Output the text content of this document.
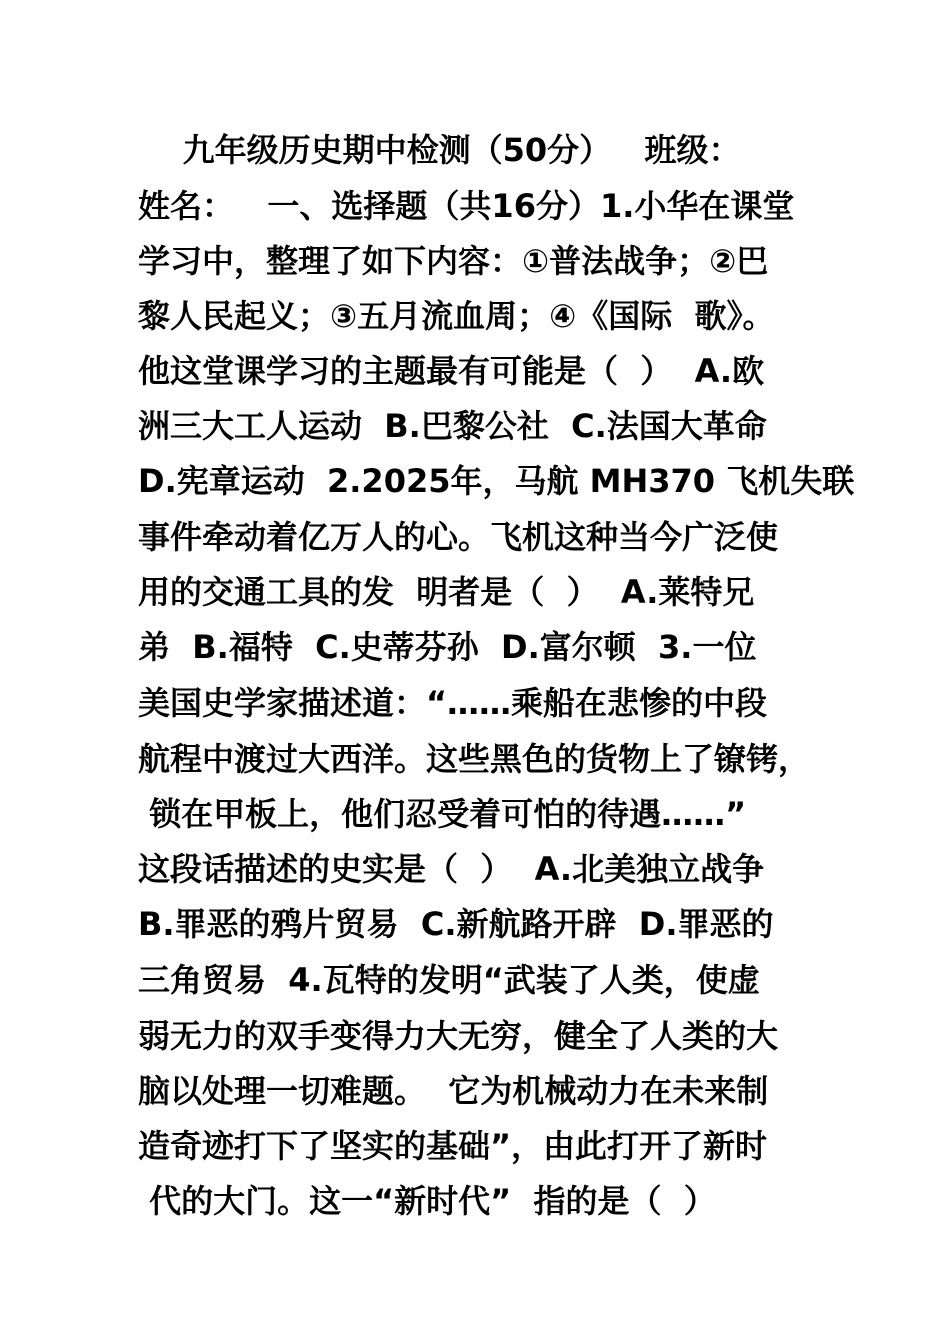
九年级历史期中检测（50分）   班级：
姓名：   一、选择题（共16分）1.小华在课堂
学习中，整理了如下内容：①普法战争；②巴
黎人民起义；③五月流血周；④《国际  歌》。
他这堂课学习的主题最有可能是（  ）  A.欧
洲三大工人运动  B.巴黎公社  C.法国大革命
D.宪章运动  2.2025年，马航 MH370 飞机失联
事件牵动着亿万人的心。飞机这种当今广泛使
用的交通工具的发  明者是（  ）  A.莱特兄
弟  B.福特  C.史蒂芬孙  D.富尔顿  3.一位
美国史学家描述道：“……乘船在悲惨的中段
航程中渡过大西洋。这些黑色的货物上了镣铐，
锁在甲板上，他们忍受着可怕的待遇……”
这段话描述的史实是（  ）  A.北美独立战争
B.罪恶的鸦片贸易  C.新航路开辟  D.罪恶的
三角贸易  4.瓦特的发明“武装了人类，使虚
弱无力的双手变得力大无穷，健全了人类的大
脑以处理一切难题。  它为机械动力在未来制
造奇迹打下了坚实的基础”，由此打开了新时
代的大门。这一“新时代”  指的是（  ）
